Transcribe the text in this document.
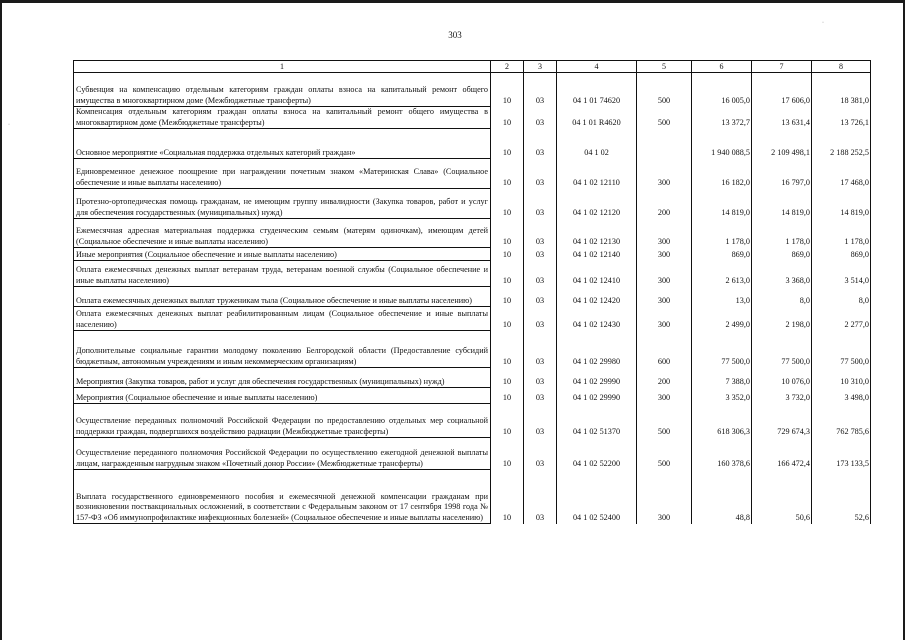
303
1	2	3	4	5	6	7	8
Субвенция на компенсацию отдельным категориям граждан оплаты взноса на капитальный ремонт общего имущества в многоквартирном доме (Межбюджетные трансферты)	10	03	04 1 01 74620	500	16 005,0	17 606,0	18 381,0
Компенсация отдельным категориям граждан оплаты взноса на капитальный ремонт общего имущества в многоквартирном доме (Межбюджетные трансферты)	10	03	04 1 01 R4620	500	13 372,7	13 631,4	13 726,1
Основное мероприятие «Социальная поддержка отдельных категорий граждан»	10	03	04 1 02		1 940 088,5	2 109 498,1	2 188 252,5
Единовременное денежное поощрение при награждении почетным знаком «Материнская Слава» (Социальное обеспечение и иные выплаты населению)	10	03	04 1 02 12110	300	16 182,0	16 797,0	17 468,0
Протезно-ортопедическая помощь гражданам, не имеющим группу инвалидности (Закупка товаров, работ и услуг для обеспечения государственных (муниципальных) нужд)	10	03	04 1 02 12120	200	14 819,0	14 819,0	14 819,0
Ежемесячная адресная материальная поддержка студенческим семьям (матерям одиночкам), имеющим детей (Социальное обеспечение и иные выплаты населению)	10	03	04 1 02 12130	300	1 178,0	1 178,0	1 178,0
Иные мероприятия (Социальное обеспечение и иные выплаты населению)	10	03	04 1 02 12140	300	869,0	869,0	869,0
Оплата ежемесячных денежных выплат ветеранам труда, ветеранам военной службы (Социальное обеспечение и иные выплаты населению)	10	03	04 1 02 12410	300	2 613,0	3 368,0	3 514,0
Оплата ежемесячных денежных выплат труженикам тыла (Социальное обеспечение и иные выплаты населению)	10	03	04 1 02 12420	300	13,0	8,0	8,0
Оплата ежемесячных денежных выплат реабилитированным лицам (Социальное обеспечение и иные выплаты населению)	10	03	04 1 02 12430	300	2 499,0	2 198,0	2 277,0
Дополнительные социальные гарантии молодому поколению Белгородской области (Предоставление субсидий бюджетным, автономным учреждениям и иным некоммерческим организациям)	10	03	04 1 02 29980	600	77 500,0	77 500,0	77 500,0
Мероприятия (Закупка товаров, работ и услуг для обеспечения государственных (муниципальных) нужд)	10	03	04 1 02 29990	200	7 388,0	10 076,0	10 310,0
Мероприятия (Социальное обеспечение и иные выплаты населению)	10	03	04 1 02 29990	300	3 352,0	3 732,0	3 498,0
Осуществление переданных полномочий Российской Федерации по предоставлению отдельных мер социальной поддержки граждан, подвергшихся воздействию радиации (Межбюджетные трансферты)	10	03	04 1 02 51370	500	618 306,3	729 674,3	762 785,6
Осуществление переданного полномочия Российской Федерации по осуществлению ежегодной денежной выплаты лицам, награжденным нагрудным знаком «Почетный донор России» (Межбюджетные трансферты)	10	03	04 1 02 52200	500	160 378,6	166 472,4	173 133,5
Выплата государственного единовременного пособия и ежемесячной денежной компенсации гражданам при возникновении поствакцинальных осложнений, в соответствии с Федеральным законом от 17 сентября 1998 года № 157-ФЗ «Об иммунопрофилактике инфекционных болезней» (Социальное обеспечение и иные выплаты населению)	10	03	04 1 02 52400	300	48,8	50,6	52,6
·
·
